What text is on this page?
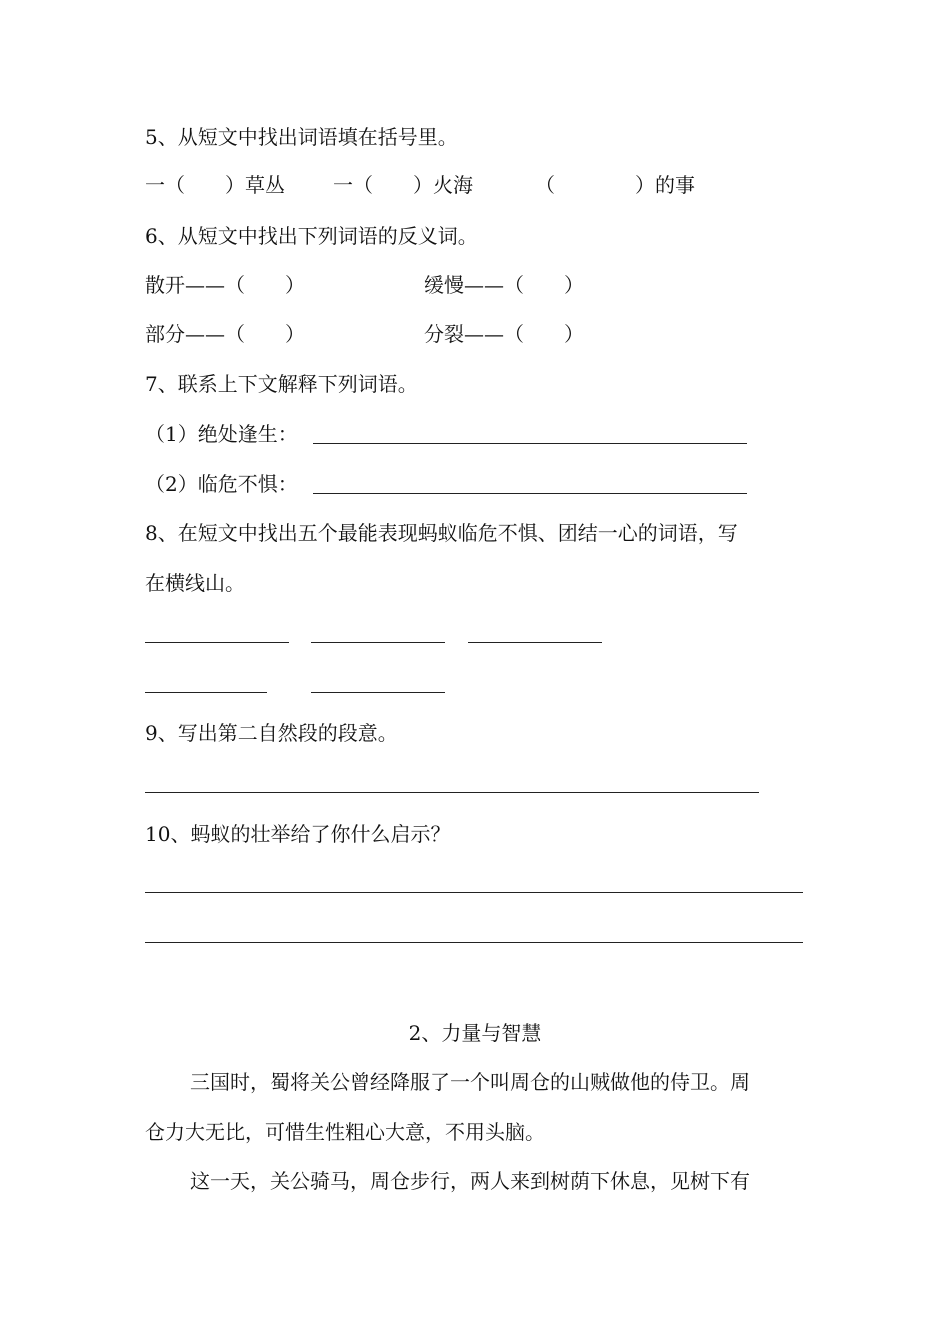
5、从短文中找出词语填在括号里。
一（　　）草丛 一（　　）火海	（　　　　）的事
6、从短文中找出下列词语的反义词。
散开——（　　）	缓慢——（　　）
部分——（　　）	分裂——（　　）
7、联系上下文解释下列词语。
（1）绝处逢生：
（2）临危不惧：
8、在短文中找出五个最能表现蚂蚁临危不惧、团结一心的词语，写
在横线山。
9、写出第二自然段的段意。
10、蚂蚁的壮举给了你什么启示？
2、力量与智慧
三国时，蜀将关公曾经降服了一个叫周仓的山贼做他的侍卫。周
仓力大无比，可惜生性粗心大意，不用头脑。
这一天，关公骑马，周仓步行，两人来到树荫下休息，见树下有
